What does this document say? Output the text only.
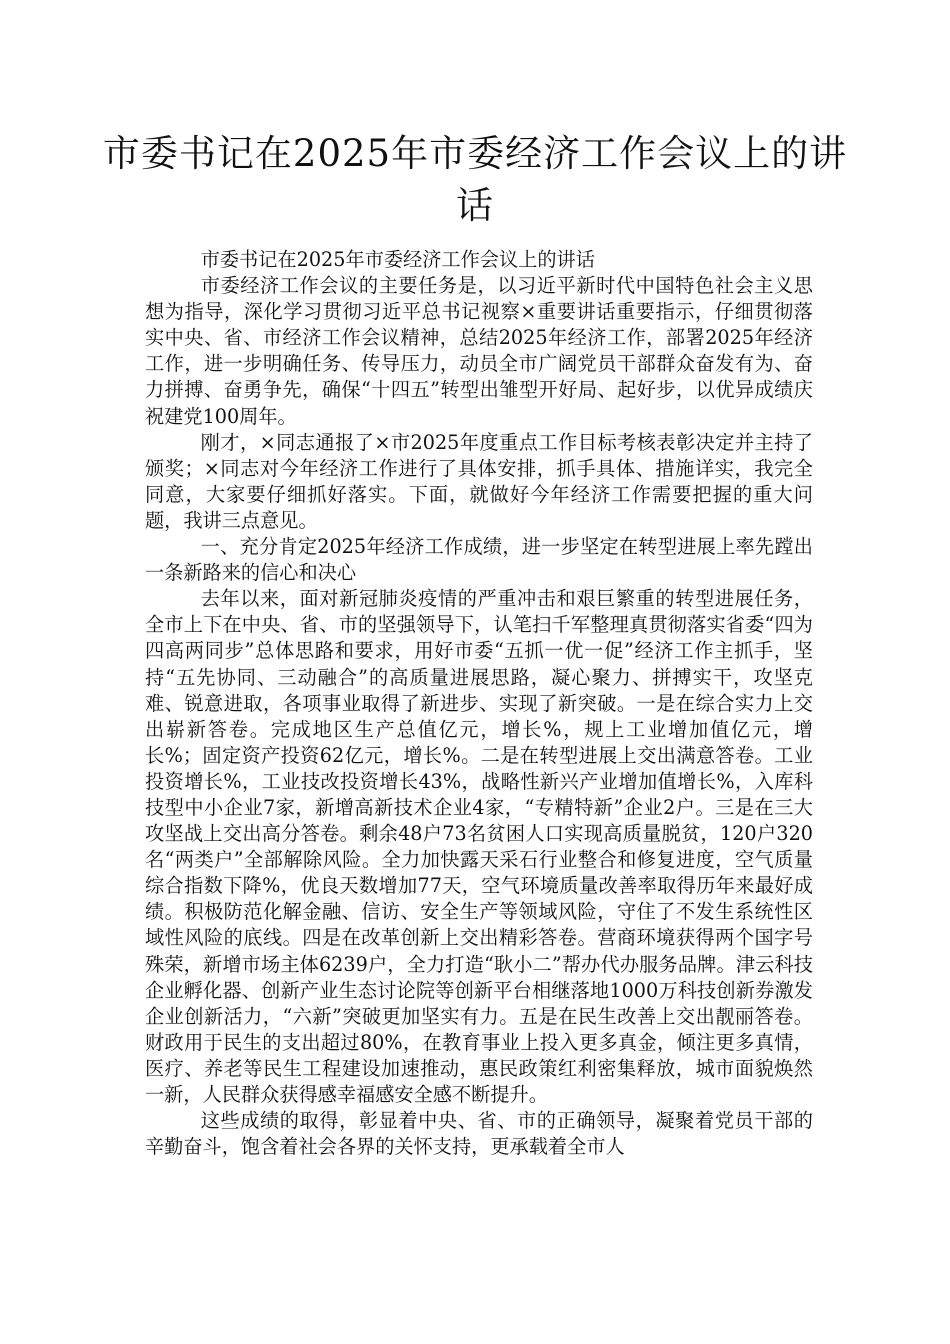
市委书记在2025年市委经济工作会议上的讲话

市委书记在2025年市委经济工作会议上的讲话

市委经济工作会议的主要任务是，以习近平新时代中国特色社会主义思想为指导，深化学习贯彻习近平总书记视察×重要讲话重要指示，仔细贯彻落实中央、省、市经济工作会议精神，总结2025年经济工作，部署2025年经济工作，进一步明确任务、传导压力，动员全市广阔党员干部群众奋发有为、奋力拼搏、奋勇争先，确保“十四五”转型出雏型开好局、起好步，以优异成绩庆祝建党100周年。

刚才，×同志通报了×市2025年度重点工作目标考核表彰决定并主持了颁奖；×同志对今年经济工作进行了具体安排，抓手具体、措施详实，我完全同意，大家要仔细抓好落实。下面，就做好今年经济工作需要把握的重大问题，我讲三点意见。

一、充分肯定2025年经济工作成绩，进一步坚定在转型进展上率先蹚出一条新路来的信心和决心

去年以来，面对新冠肺炎疫情的严重冲击和艰巨繁重的转型进展任务，全市上下在中央、省、市的坚强领导下，认笔扫千军整理真贯彻落实省委“四为四高两同步”总体思路和要求，用好市委“五抓一优一促”经济工作主抓手，坚持“五先协同、三动融合”的高质量进展思路，凝心聚力、拼搏实干，攻坚克难、锐意进取，各项事业取得了新进步、实现了新突破。一是在综合实力上交出崭新答卷。完成地区生产总值亿元，增长%，规上工业增加值亿元，增长%；固定资产投资62亿元，增长%。二是在转型进展上交出满意答卷。工业投资增长%，工业技改投资增长43%，战略性新兴产业增加值增长%，入库科技型中小企业7家，新增高新技术企业4家，“专精特新”企业2户。三是在三大攻坚战上交出高分答卷。剩余48户73名贫困人口实现高质量脱贫，120户320名“两类户”全部解除风险。全力加快露天采石行业整合和修复进度，空气质量综合指数下降%，优良天数增加77天，空气环境质量改善率取得历年来最好成绩。积极防范化解金融、信访、安全生产等领域风险，守住了不发生系统性区域性风险的底线。四是在改革创新上交出精彩答卷。营商环境获得两个国字号殊荣，新增市场主体6239户，全力打造“耿小二”帮办代办服务品牌。津云科技企业孵化器、创新产业生态讨论院等创新平台相继落地1000万科技创新券激发企业创新活力，“六新”突破更加坚实有力。五是在民生改善上交出靓丽答卷。财政用于民生的支出超过80%，在教育事业上投入更多真金，倾注更多真情，医疗、养老等民生工程建设加速推动，惠民政策红利密集释放，城市面貌焕然一新，人民群众获得感幸福感安全感不断提升。

这些成绩的取得，彰显着中央、省、市的正确领导，凝聚着党员干部的辛勤奋斗，饱含着社会各界的关怀支持，更承载着全市人
